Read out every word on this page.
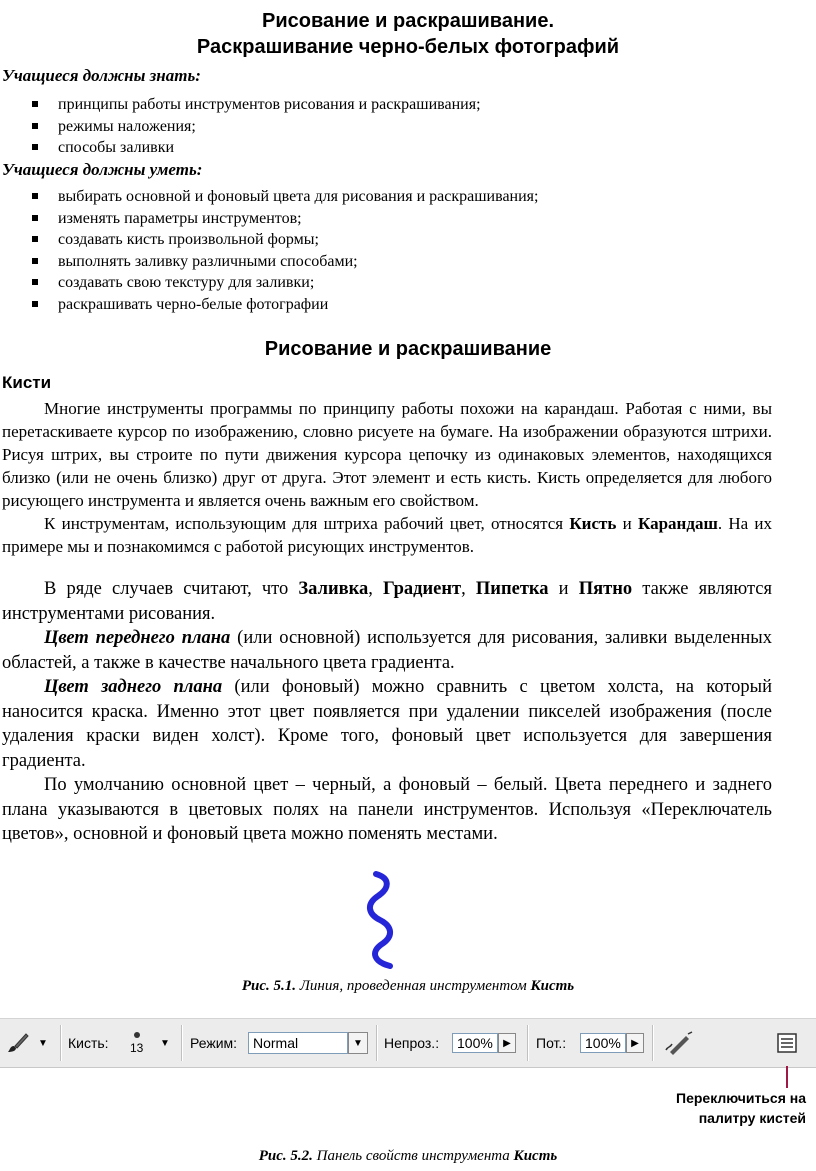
Рисование и раскрашивание.
Раскрашивание черно-белых фотографий
Учащиеся должны знать:
принципы работы инструментов рисования и раскрашивания;
режимы наложения;
способы заливки
Учащиеся должны уметь:
выбирать основной и фоновый цвета для рисования и раскрашивания;
изменять параметры инструментов;
создавать кисть произвольной формы;
выполнять заливку различными способами;
создавать свою текстуру для заливки;
раскрашивать черно-белые фотографии
Рисование и раскрашивание
Кисти

Многие инструменты программы по принципу работы похожи на карандаш. Работая с ними, вы перетаскиваете курсор по изображению, словно рисуете на бумаге. На изображении образуются штрихи. Рисуя штрих, вы строите по пути движения курсора цепочку из одинаковых элементов, находящихся близко (или не очень близко) друг от друга. Этот элемент и есть кисть. Кисть определяется для любого рисующего инструмента и является очень важным его свойством.

К инструментам, использующим для штриха рабочий цвет, относятся Кисть и Карандаш. На их примере мы и познакомимся с работой рисующих инструментов.

В ряде случаев считают, что Заливка, Градиент, Пипетка и Пятно также являются инструментами рисования.

Цвет переднего плана (или основной) используется для рисования, заливки выделенных областей, а также в качестве начального цвета градиента.

Цвет заднего плана (или фоновый) можно сравнить с цветом холста, на который наносится краска. Именно этот цвет появляется при удалении пикселей изображения (после удаления краски виден холст). Кроме того, фоновый цвет используется для завершения градиента.

По умолчанию основной цвет – черный, а фоновый – белый. Цвета переднего и заднего плана указываются в цветовых полях на панели инструментов. Используя «Переключатель цветов», основной и фоновый цвета можно поменять местами.

Рис. 5.1. Линия, проведенная инструментом Кисть
▼ Кисть: 13 ▼ Режим:	Normal	▼	Непроз.:	100%	▶	Пот.:	100%	▶
Переключиться на
палитру кистей
Рис. 5.2. Панель свойств инструмента Кисть
